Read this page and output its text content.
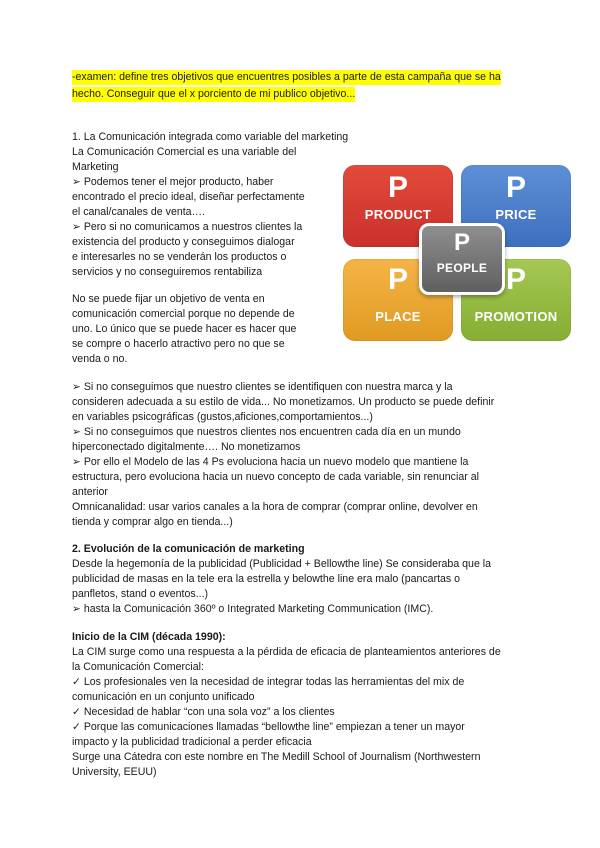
-examen: define tres objetivos que encuentres posibles a parte de esta campaña que se ha

hecho. Conseguir que el x porciento de mi publico objetivo...

1. La Comunicación integrada como variable del marketing

La Comunicación Comercial es una variable del

Marketing

➢ Podemos tener el mejor producto, haber

encontrado el precio ideal, diseñar perfectamente

el canal/canales de venta….

➢ Pero si no comunicamos a nuestros clientes la

existencia del producto y conseguimos dialogar

e interesarles no se venderán los productos o

servicios y no conseguiremos rentabiliza

No se puede fijar un objetivo de venta en

comunicación comercial porque no depende de

uno. Lo único que se puede hacer es hacer que

se compre o hacerlo atractivo pero no que se

venda o no.

➢ Si no conseguimos que nuestro clientes se identifiquen con nuestra marca y la

consideren adecuada a su estilo de vida... No monetizamos. Un producto se puede definir

en variables psicográficas (gustos,aficiones,comportamientos...)

➢ Si no conseguimos que nuestros clientes nos encuentren cada día en un mundo

hiperconectado digitalmente…. No monetizamos

➢ Por ello el Modelo de las 4 Ps evoluciona hacia un nuevo modelo que mantiene la

estructura, pero evoluciona hacia un nuevo concepto de cada variable, sin renunciar al

anterior

Omnicanalidad: usar varios canales a la hora de comprar (comprar online, devolver en

tienda y comprar algo en tienda...)

2. Evolución de la comunicación de marketing

Desde la hegemonía de la publicidad (Publicidad + Bellowthe line) Se consideraba que la

publicidad de masas en la tele era la estrella y belowthe line era malo (pancartas o

panfletos, stand o eventos...)

➢ hasta la Comunicación 360º o Integrated Marketing Communication (IMC).

Inicio de la CIM (década 1990):

La CIM surge como una respuesta a la pérdida de eficacia de planteamientos anteriores de

la Comunicación Comercial:

✓ Los profesionales ven la necesidad de integrar todas las herramientas del mix de

comunicación en un conjunto unificado

✓ Necesidad de hablar “con una sola voz” a los clientes

✓ Porque las comunicaciones llamadas “bellowthe line” empiezan a tener un mayor

impacto y la publicidad tradicional a perder eficacia

Surge una Cátedra con este nombre en The Medill School of Journalism (Northwestern

University, EEUU)

P
PRODUCT
P
PRICE
P
PLACE
P
PROMOTION
P
PEOPLE
